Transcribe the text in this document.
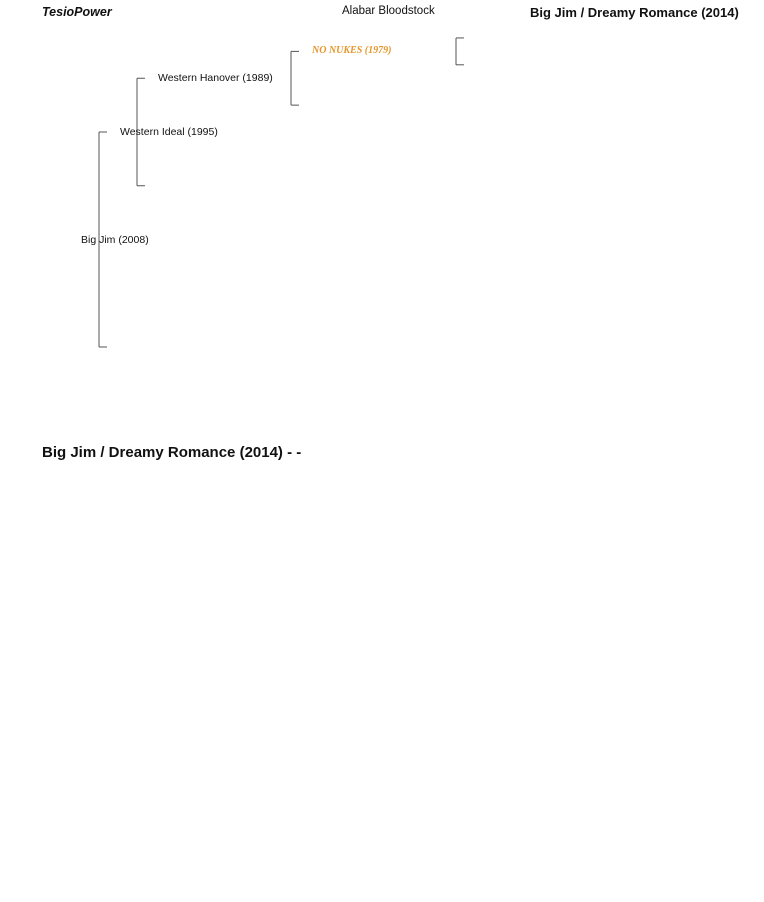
TesioPower	Alabar Bloodstock	Big Jim / Dreamy Romance (2014)
Big Jim (2008)
Western Ideal (1995)
Western Hanover (1989)
NO NUKES (1979)
Big Jim / Dreamy Romance (2014) - -
